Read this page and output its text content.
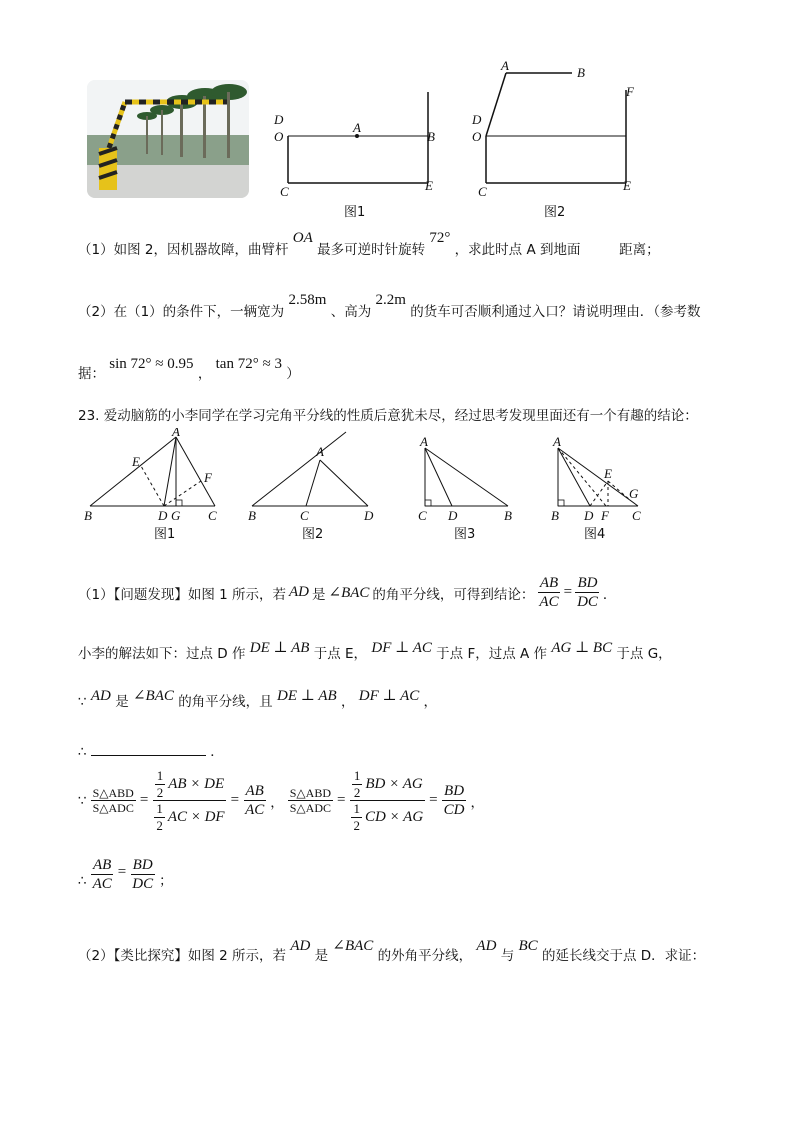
D
O
A
B
C	E
图1
A	B
D
O
F
C	E
图2
（1）如图 2，因机器故障，曲臂杆 OA 最多可逆时针旋转 72° ，求此时点 A 到地面	距离；
（2）在（1）的条件下，一辆宽为 2.58m 、高为 2.2m 的货车可否顺利通过入口？请说明理由．（参考数
据： sin 72° ≈ 0.95 ， tan 72° ≈ 3 ）
23. 爱动脑筋的小李同学在学习完角平分线的性质后意犹未尽，经过思考发现里面还有一个有趣的结论：
A
E
F
B	D G C
图1
A
B	C	D
图2
A
C D	B
图3
A
E
G
B D F C
图4
（1）【问题发现】如图 1 所示，若 AD 是 ∠BAC 的角平分线，可得到结论： $\frac{AB}{AC} = \frac{BD}{DC}$ ．
小李的解法如下：过点 D 作 DE ⊥ AB 于点 E， DF ⊥ AC 于点 F，过点 A 作 AG ⊥ BC 于点 G，
∵ AD 是 ∠BAC 的角平分线，且 DE ⊥ AB ， DF ⊥ AC ，
∴	．
∵ $\frac{\text{S△ABD}}{\text{S△ADC}} = \frac{\frac{1}{2} AB \times DE}{\frac{1}{2} AC \times DF} = \frac{AB}{AC}$ ， $\frac{\text{S△ABD}}{\text{S△ADC}} = \frac{\frac{1}{2} BD \times AG}{\frac{1}{2} CD \times AG} = \frac{BD}{CD}$ ，
∴ $\frac{AB}{AC} = \frac{BD}{DC}$ ；
（2）【类比探究】如图 2 所示，若 AD 是 ∠BAC 的外角平分线， AD 与 BC 的延长线交于点 D．求证：
